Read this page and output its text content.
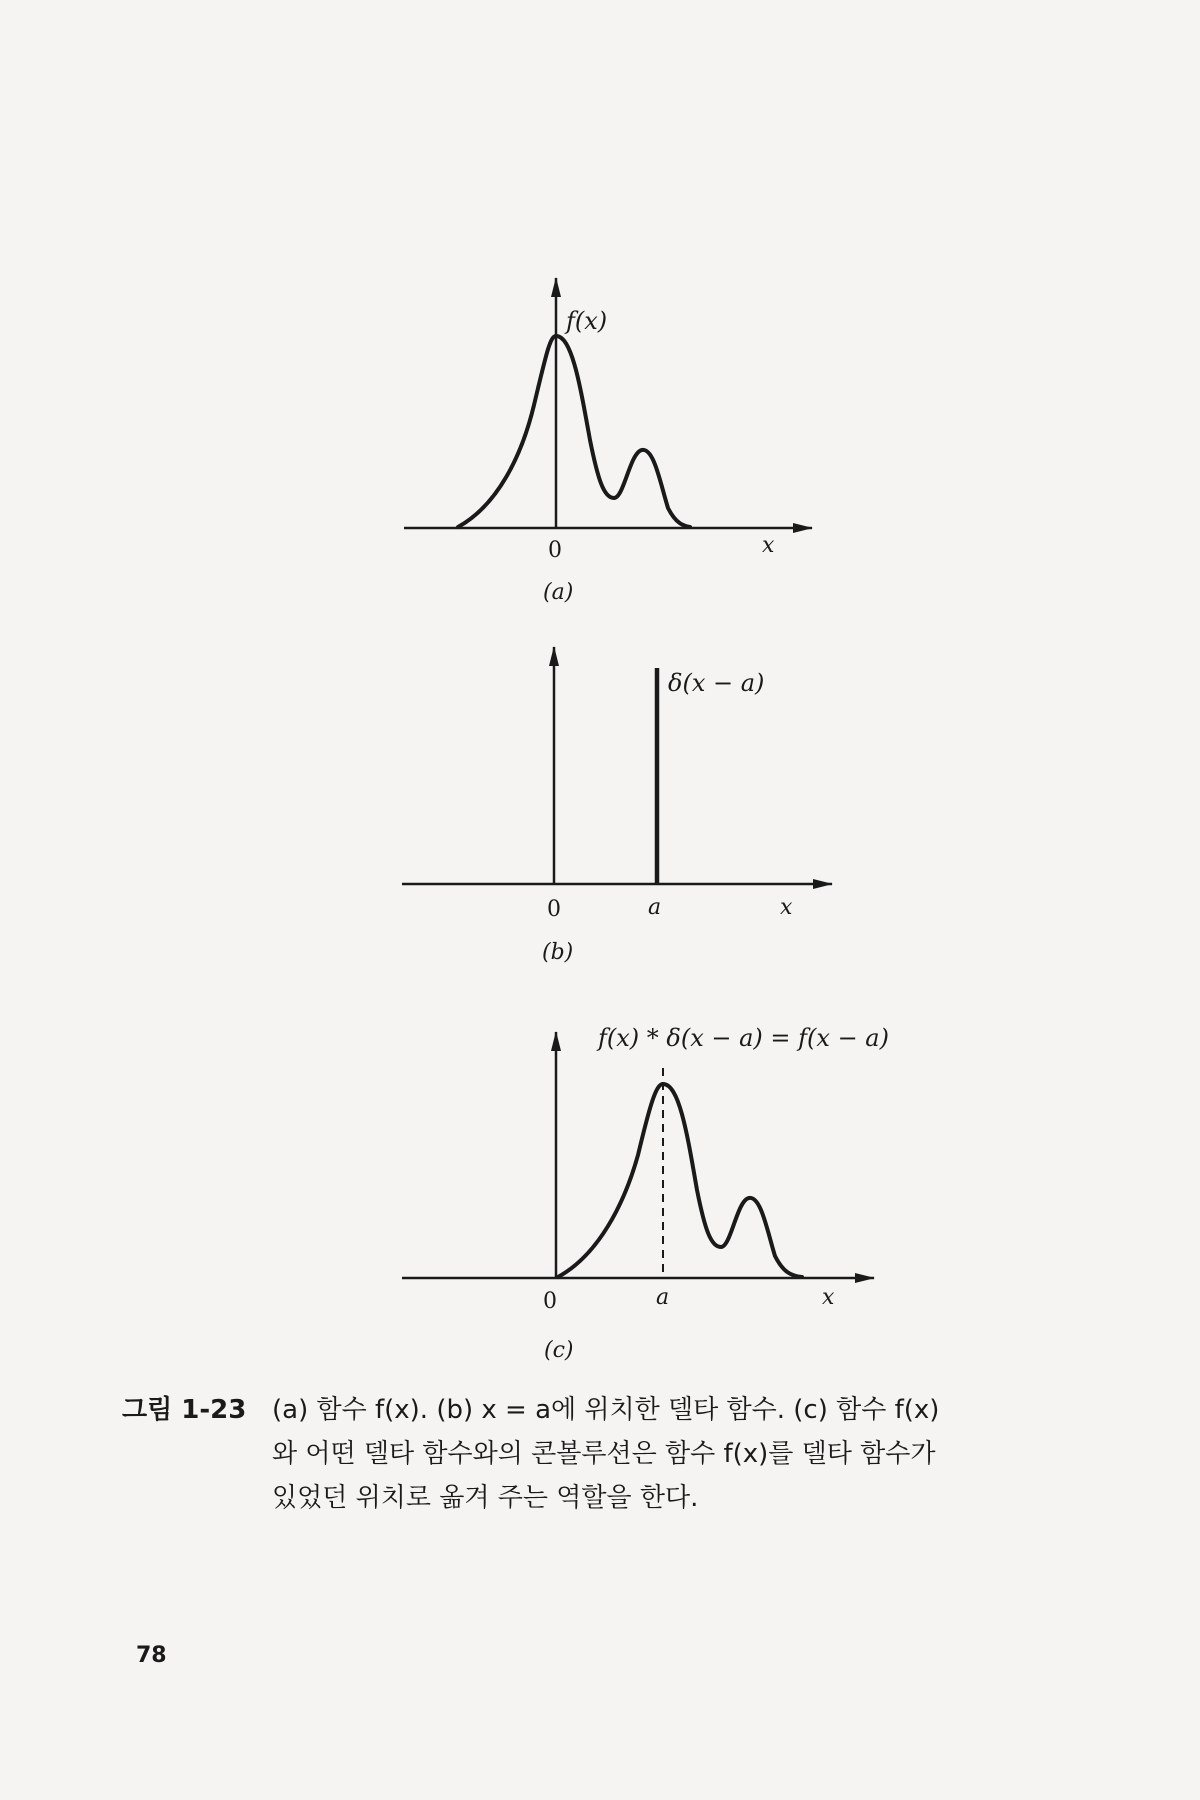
f(x)
0	x
(a)
δ(x − a)
0	a	x
(b)
f(x) * δ(x − a) = f(x − a)
0	a	x
(c)
그림 1-23 (a) 함수 f(x). (b) x = a에 위치한 델타 함수. (c) 함수 f(x)
와 어떤 델타 함수와의 콘볼루션은 함수 f(x)를 델타 함수가
있었던 위치로 옮겨 주는 역할을 한다.
78
